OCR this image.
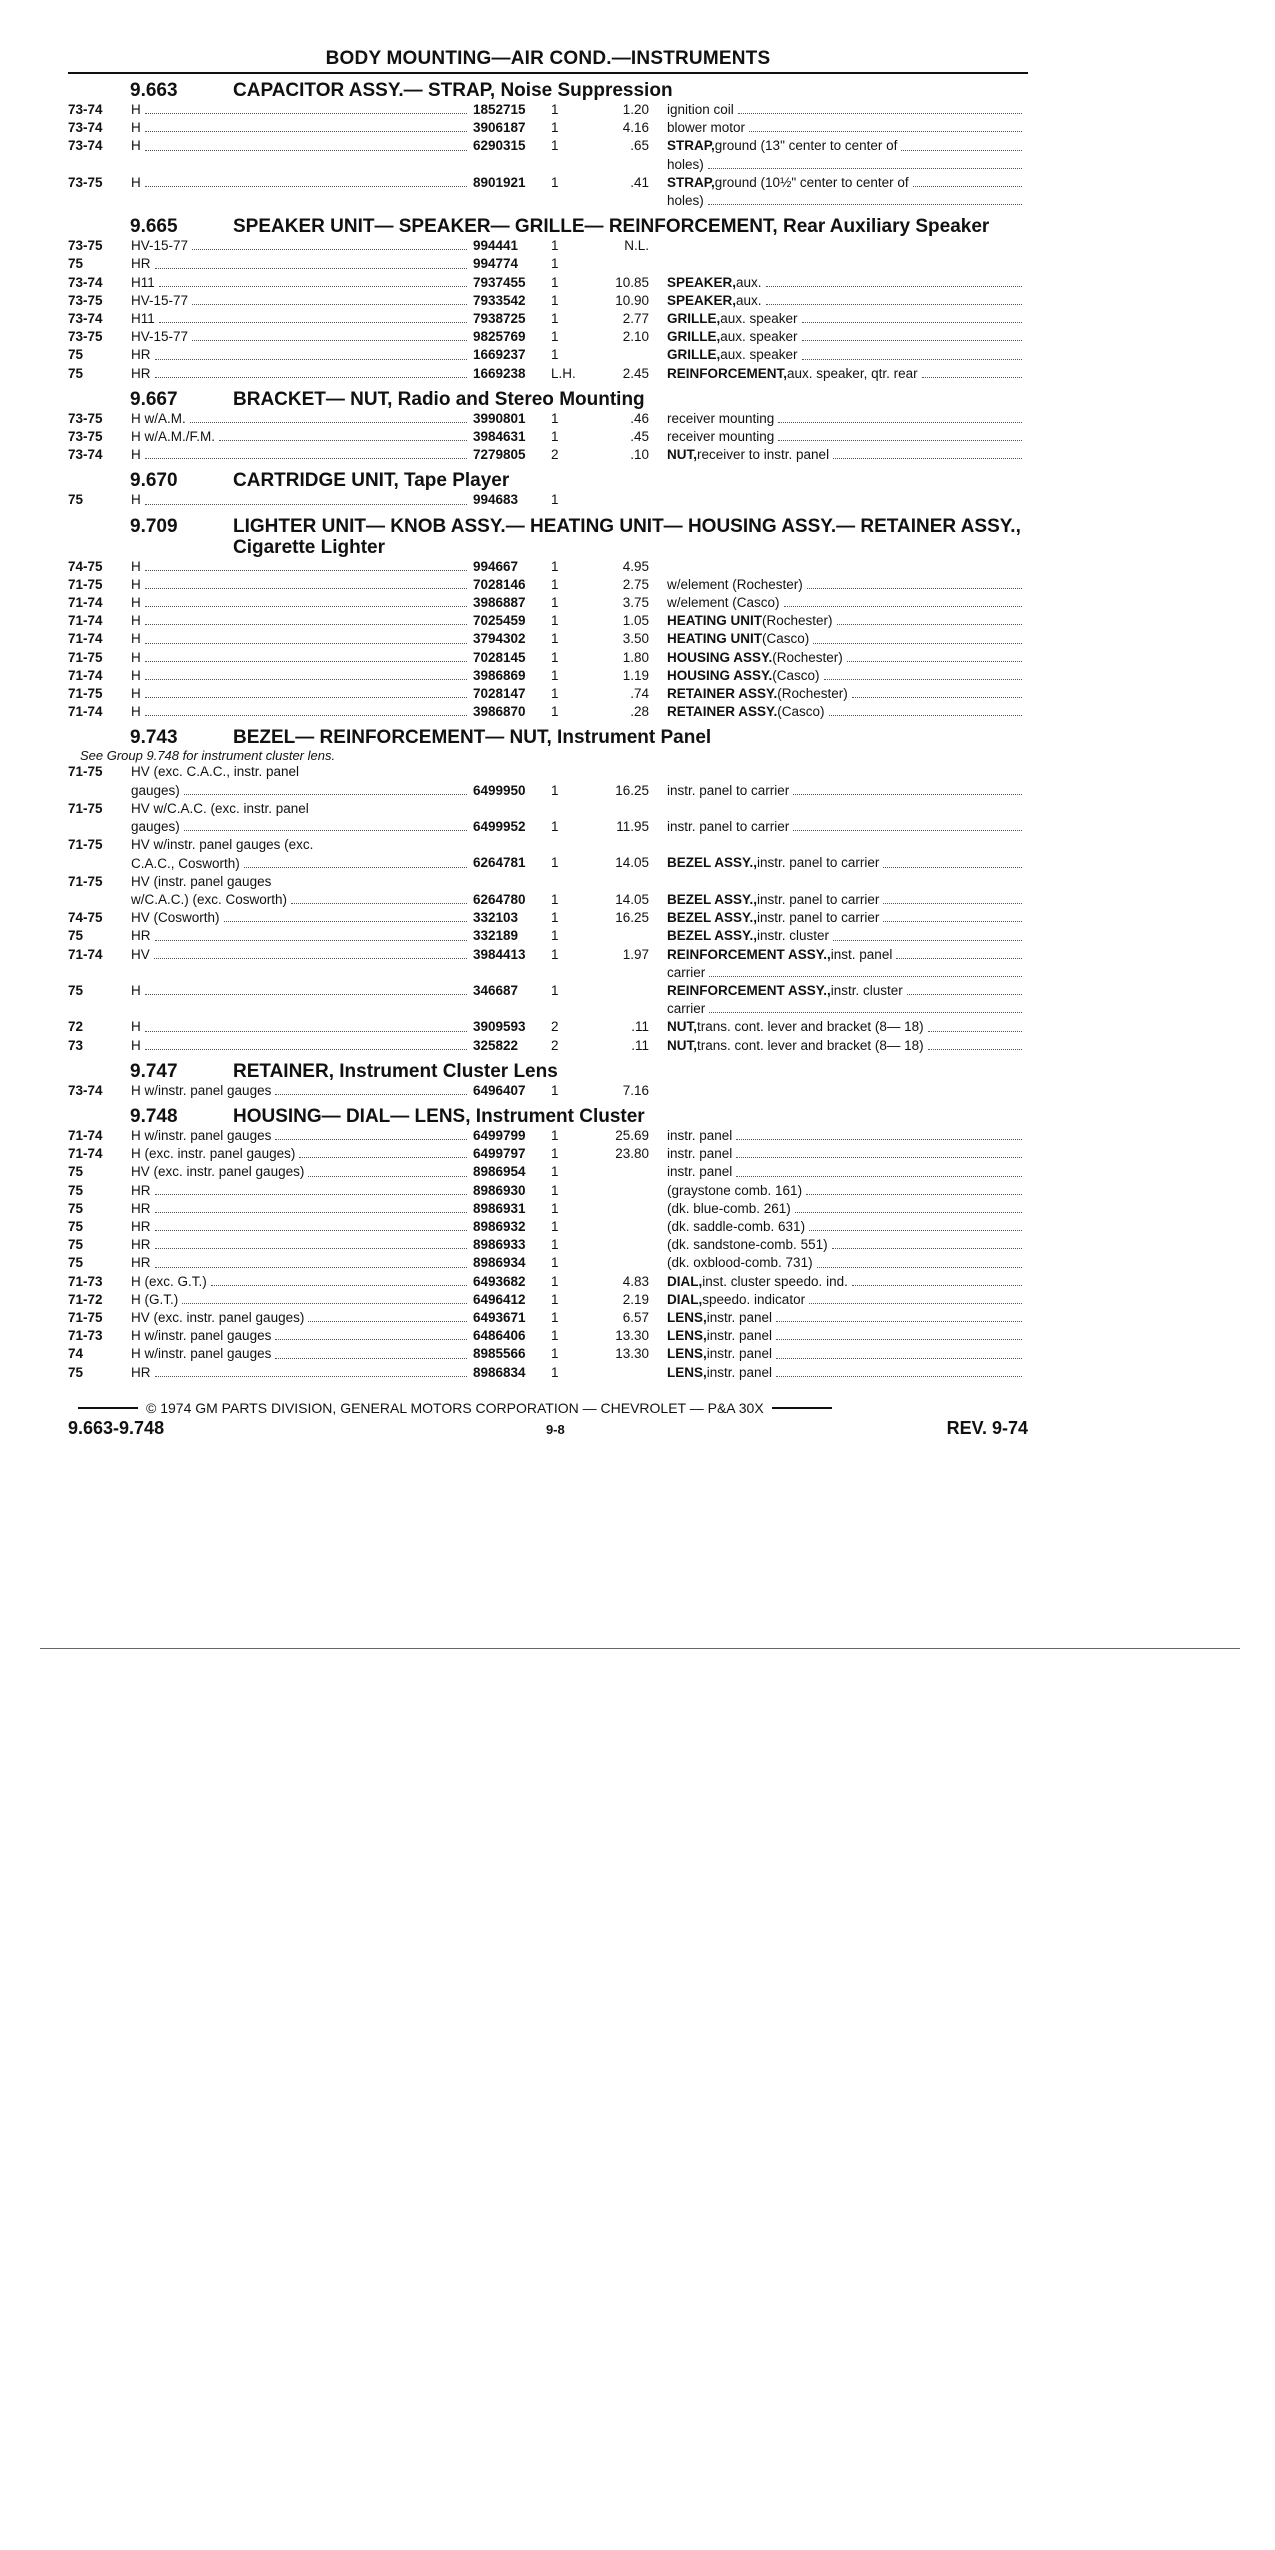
BODY MOUNTING—AIR COND.—INSTRUMENTS
9.663	CAPACITOR ASSY.— STRAP, Noise Suppression
73-74	H	1852715	1	1.20	ignition coil
73-74	H	3906187	1	4.16	blower motor
73-74	H	6290315	1	.65	STRAP, ground (13" center to center of
holes)
73-75	H	8901921	1	.41	STRAP, ground (10½" center to center of
holes)
9.665	SPEAKER UNIT— SPEAKER— GRILLE— REINFORCEMENT, Rear Auxiliary Speaker
73-75	HV-15-77	994441	1	N.L.
75	HR	994774	1
73-74	H11	7937455	1	10.85	SPEAKER, aux.
73-75	HV-15-77	7933542	1	10.90	SPEAKER, aux.
73-74	H11	7938725	1	2.77	GRILLE, aux. speaker
73-75	HV-15-77	9825769	1	2.10	GRILLE, aux. speaker
75	HR	1669237	1	GRILLE, aux. speaker
75	HR	1669238	L.H.	2.45	REINFORCEMENT, aux. speaker, qtr. rear
9.667	BRACKET— NUT, Radio and Stereo Mounting
73-75	H w/A.M.	3990801	1	.46	receiver mounting
73-75	H w/A.M./F.M.	3984631	1	.45	receiver mounting
73-74	H	7279805	2	.10	NUT, receiver to instr. panel
9.670	CARTRIDGE UNIT, Tape Player
75	H	994683	1
9.709	LIGHTER UNIT— KNOB ASSY.— HEATING UNIT— HOUSING ASSY.— RETAINER ASSY., Cigarette Lighter
74-75	H	994667	1	4.95
71-75	H	7028146	1	2.75	w/element (Rochester)
71-74	H	3986887	1	3.75	w/element (Casco)
71-74	H	7025459	1	1.05	HEATING UNIT (Rochester)
71-74	H	3794302	1	3.50	HEATING UNIT (Casco)
71-75	H	7028145	1	1.80	HOUSING ASSY. (Rochester)
71-74	H	3986869	1	1.19	HOUSING ASSY. (Casco)
71-75	H	7028147	1	.74	RETAINER ASSY. (Rochester)
71-74	H	3986870	1	.28	RETAINER ASSY. (Casco)
9.743	BEZEL— REINFORCEMENT— NUT, Instrument Panel
See Group 9.748 for instrument cluster lens.
71-75	HV (exc. C.A.C., instr. panel
gauges)	6499950	1	16.25	instr. panel to carrier
71-75	HV w/C.A.C. (exc. instr. panel
gauges)	6499952	1	11.95	instr. panel to carrier
71-75	HV w/instr. panel gauges (exc.
C.A.C., Cosworth)	6264781	1	14.05	BEZEL ASSY., instr. panel to carrier
71-75	HV (instr. panel gauges
w/C.A.C.) (exc. Cosworth)	6264780	1	14.05	BEZEL ASSY., instr. panel to carrier
74-75	HV (Cosworth)	332103	1	16.25	BEZEL ASSY., instr. panel to carrier
75	HR	332189	1	BEZEL ASSY., instr. cluster
71-74	HV	3984413	1	1.97	REINFORCEMENT ASSY., inst. panel
carrier
75	H	346687	1	REINFORCEMENT ASSY., instr. cluster
carrier
72	H	3909593	2	.11	NUT, trans. cont. lever and bracket (8— 18)
73	H	325822	2	.11	NUT, trans. cont. lever and bracket (8— 18)
9.747	RETAINER, Instrument Cluster Lens
73-74	H w/instr. panel gauges	6496407	1	7.16
9.748	HOUSING— DIAL— LENS, Instrument Cluster
71-74	H w/instr. panel gauges	6499799	1	25.69	instr. panel
71-74	H (exc. instr. panel gauges)	6499797	1	23.80	instr. panel
75	HV (exc. instr. panel gauges)	8986954	1	instr. panel
75	HR	8986930	1	(graystone comb. 161)
75	HR	8986931	1	(dk. blue-comb. 261)
75	HR	8986932	1	(dk. saddle-comb. 631)
75	HR	8986933	1	(dk. sandstone-comb. 551)
75	HR	8986934	1	(dk. oxblood-comb. 731)
71-73	H (exc. G.T.)	6493682	1	4.83	DIAL, inst. cluster speedo. ind.
71-72	H (G.T.)	6496412	1	2.19	DIAL, speedo. indicator
71-75	HV (exc. instr. panel gauges)	6493671	1	6.57	LENS, instr. panel
71-73	H w/instr. panel gauges	6486406	1	13.30	LENS, instr. panel
74	H w/instr. panel gauges	8985566	1	13.30	LENS, instr. panel
75	HR	8986834	1	LENS, instr. panel
© 1974 GM PARTS DIVISION, GENERAL MOTORS CORPORATION — CHEVROLET — P&A 30X
9.663-9.748	9-8	REV. 9-74
